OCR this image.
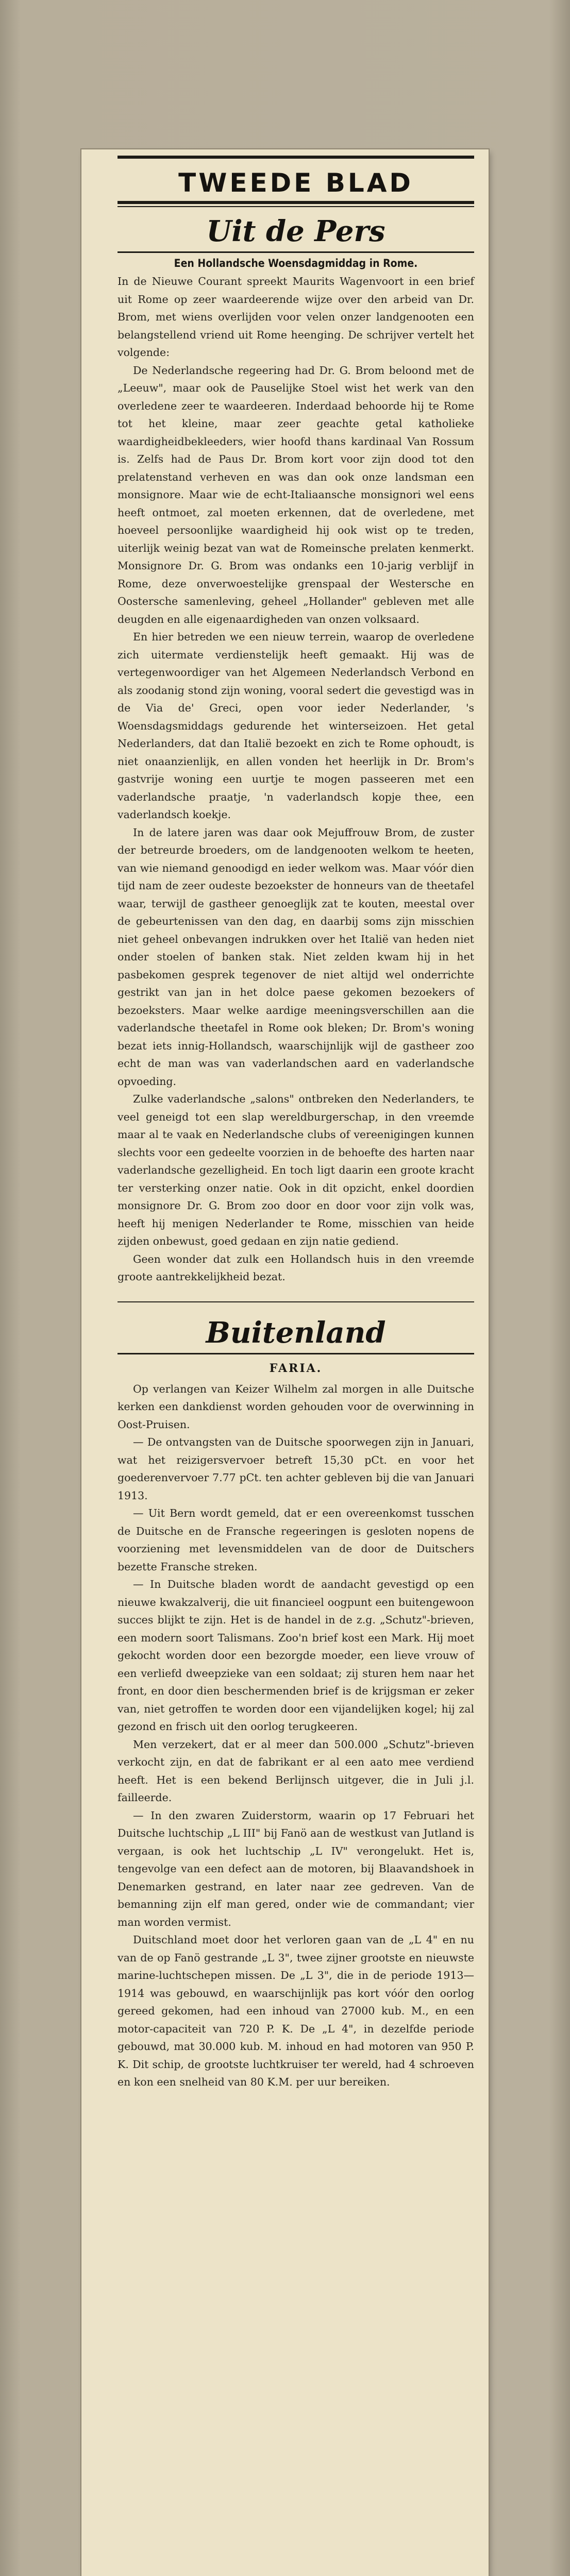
TWEEDE BLAD
Uit de Pers
Een Hollandsche Woensdagmiddag in Rome.

In de Nieuwe Courant spreekt Maurits Wagenvoort in een brief uit Rome op zeer waardeerende wijze over den arbeid van Dr. Brom, met wiens overlijden voor velen onzer landgenooten een belangstellend vriend uit Rome heenging. De schrijver vertelt het volgende:

De Nederlandsche regeering had Dr. G. Brom beloond met de „Leeuw", maar ook de Pauselijke Stoel wist het werk van den overledene zeer te waardeeren. Inderdaad behoorde hij te Rome tot het kleine, maar zeer geachte getal katholieke waardigheidbekleeders, wier hoofd thans kardinaal Van Rossum is. Zelfs had de Paus Dr. Brom kort voor zijn dood tot den prelatenstand verheven en was dan ook onze landsman een monsignore. Maar wie de echt-Italiaansche monsignori wel eens heeft ontmoet, zal moeten erkennen, dat de overledene, met hoeveel persoonlijke waardigheid hij ook wist op te treden, uiterlijk weinig bezat van wat de Romeinsche prelaten kenmerkt. Monsignore Dr. G. Brom was ondanks een 10-jarig verblijf in Rome, deze onverwoestelijke grenspaal der Westersche en Oostersche samenleving, geheel „Hollander" gebleven met alle deugden en alle eigenaardigheden van onzen volksaard.

En hier betreden we een nieuw terrein, waarop de overledene zich uitermate verdienstelijk heeft gemaakt. Hij was de vertegenwoordiger van het Algemeen Nederlandsch Verbond en als zoodanig stond zijn woning, vooral sedert die gevestigd was in de Via de' Greci, open voor ieder Nederlander, 's Woensdagsmiddags gedurende het winterseizoen. Het getal Nederlanders, dat dan Italië bezoekt en zich te Rome ophoudt, is niet onaanzienlijk, en allen vonden het heerlijk in Dr. Brom's gastvrije woning een uurtje te mogen passeeren met een vaderlandsche praatje, 'n vaderlandsch kopje thee, een vaderlandsch koekje.

In de latere jaren was daar ook Mejuffrouw Brom, de zuster der betreurde broeders, om de landgenooten welkom te heeten, van wie niemand genoodigd en ieder welkom was. Maar vóór dien tijd nam de zeer oudeste bezoekster de honneurs van de theetafel waar, terwijl de gastheer genoeglijk zat te kouten, meestal over de gebeurtenissen van den dag, en daarbij soms zijn misschien niet geheel onbevangen indrukken over het Italië van heden niet onder stoelen of banken stak. Niet zelden kwam hij in het pasbekomen gesprek tegenover de niet altijd wel onderrichte gestrikt van jan in het dolce paese gekomen bezoekers of bezoeksters. Maar welke aardige meeningsverschillen aan die vaderlandsche theetafel in Rome ook bleken; Dr. Brom's woning bezat iets innig-Hollandsch, waarschijnlijk wijl de gastheer zoo echt de man was van vaderlandschen aard en vaderlandsche opvoeding.

Zulke vaderlandsche „salons" ontbreken den Nederlanders, te veel geneigd tot een slap wereldburgerschap, in den vreemde maar al te vaak en Nederlandsche clubs of vereenigingen kunnen slechts voor een gedeelte voorzien in de behoefte des harten naar vaderlandsche gezelligheid. En toch ligt daarin een groote kracht ter versterking onzer natie. Ook in dit opzicht, enkel doordien monsignore Dr. G. Brom zoo door en door voor zijn volk was, heeft hij menigen Nederlander te Rome, misschien van heide zijden onbewust, goed gedaan en zijn natie gediend.

Geen wonder dat zulk een Hollandsch huis in den vreemde groote aantrekkelijkheid bezat.

Buitenland
FARIA.

Op verlangen van Keizer Wilhelm zal morgen in alle Duitsche kerken een dankdienst worden gehouden voor de overwinning in Oost-Pruisen.

— De ontvangsten van de Duitsche spoorwegen zijn in Januari, wat het reizigersvervoer betreft 15,30 pCt. en voor het goederenvervoer 7.77 pCt. ten achter gebleven bij die van Januari 1913.

— Uit Bern wordt gemeld, dat er een overeenkomst tusschen de Duitsche en de Fransche regeeringen is gesloten nopens de voorziening met levensmiddelen van de door de Duitschers bezette Fransche streken.

— In Duitsche bladen wordt de aandacht gevestigd op een nieuwe kwakzalverij, die uit financieel oogpunt een buitengewoon succes blijkt te zijn. Het is de handel in de z.g. „Schutz"-brieven, een modern soort Talismans. Zoo'n brief kost een Mark. Hij moet gekocht worden door een bezorgde moeder, een lieve vrouw of een verliefd dweepzieke van een soldaat; zij sturen hem naar het front, en door dien beschermenden brief is de krijgsman er zeker van, niet getroffen te worden door een vijandelijken kogel; hij zal gezond en frisch uit den oorlog terugkeeren.

Men verzekert, dat er al meer dan 500.000 „Schutz"-brieven verkocht zijn, en dat de fabrikant er al een aato mee verdiend heeft. Het is een bekend Berlijnsch uitgever, die in Juli j.l. failleerde.

— In den zwaren Zuiderstorm, waarin op 17 Februari het Duitsche luchtschip „L III" bij Fanö aan de westkust van Jutland is vergaan, is ook het luchtschip „L IV" verongelukt. Het is, tengevolge van een defect aan de motoren, bij Blaavandshoek in Denemarken gestrand, en later naar zee gedreven. Van de bemanning zijn elf man gered, onder wie de commandant; vier man worden vermist.

Duitschland moet door het verloren gaan van de „L 4" en nu van de op Fanö gestrande „L 3", twee zijner grootste en nieuwste marine-luchtschepen missen. De „L 3", die in de periode 1913—1914 was gebouwd, en waarschijnlijk pas kort vóór den oorlog gereed gekomen, had een inhoud van 27000 kub. M., en een motor-capaciteit van 720 P. K. De „L 4", in dezelfde periode gebouwd, mat 30.000 kub. M. inhoud en had motoren van 950 P. K. Dit schip, de grootste luchtkruiser ter wereld, had 4 schroeven en kon een snelheid van 80 K.M. per uur bereiken.
